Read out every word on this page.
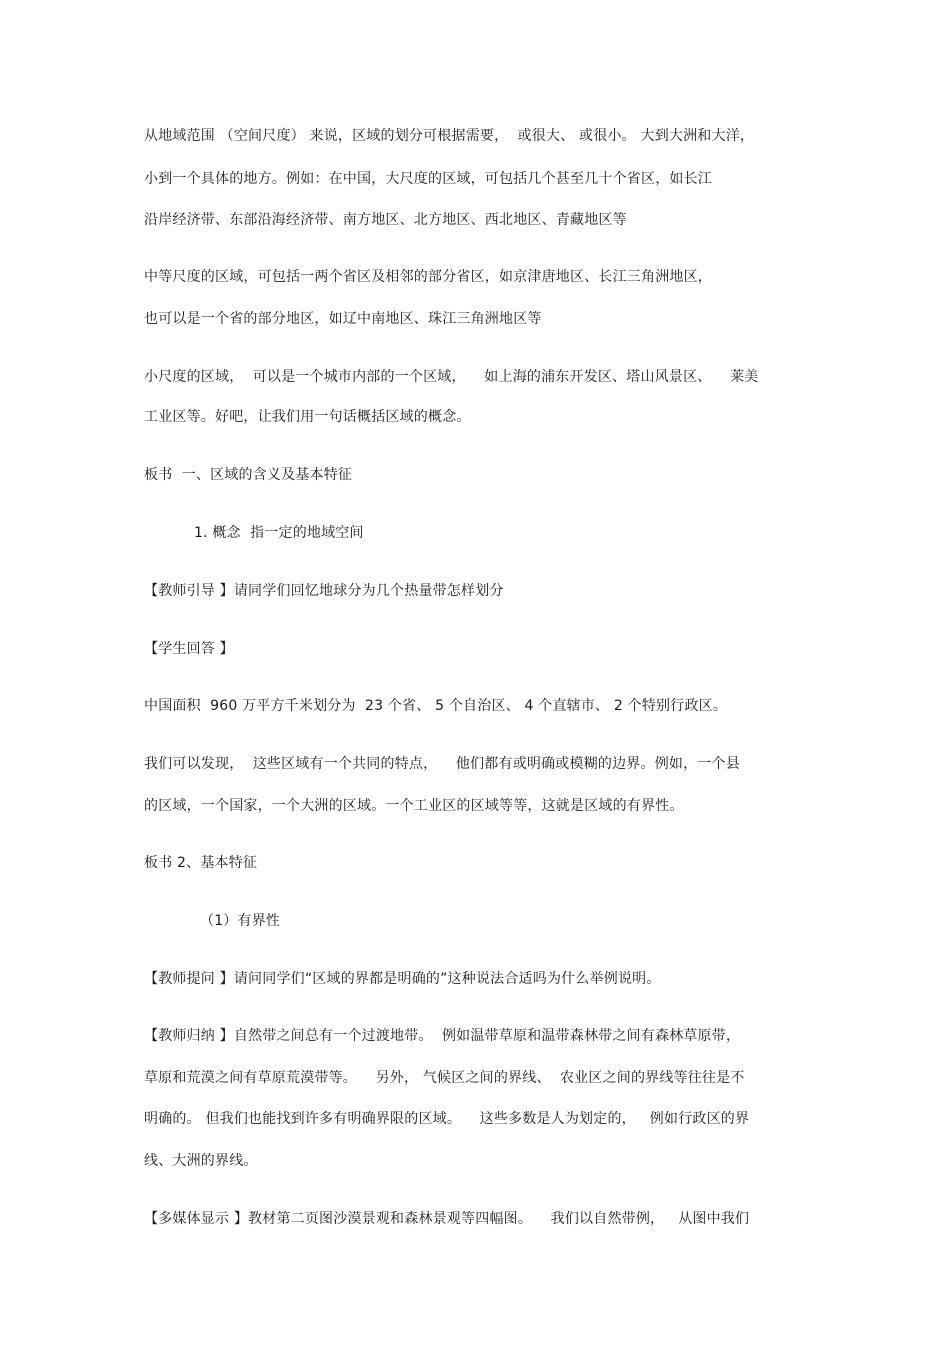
从地域范围 （空间尺度） 来说，区域的划分可根据需要，  或很大、 或很小。 大到大洲和大洋，
小到一个具体的地方。例如：在中国，大尺度的区域，可包括几个甚至几十个省区，如长江
沿岸经济带、东部沿海经济带、南方地区、北方地区、西北地区、青藏地区等
中等尺度的区域，可包括一两个省区及相邻的部分省区，如京津唐地区、长江三角洲地区，
也可以是一个省的部分地区，如辽中南地区、珠江三角洲地区等
小尺度的区域，  可以是一个城市内部的一个区域，    如上海的浦东开发区、塔山风景区、    莱美
工业区等。好吧，让我们用一句话概括区域的概念。
板书  一、区域的含义及基本特征
1. 概念  指一定的地域空间
【教师引导 】请同学们回忆地球分为几个热量带怎样划分
【学生回答 】
中国面积  960 万平方千米划分为  23 个省、 5 个自治区、 4 个直辖市、 2 个特别行政区。
我们可以发现，  这些区域有一个共同的特点，    他们都有或明确或模糊的边界。例如，一个县
的区域，一个国家，一个大洲的区域。一个工业区的区域等等，这就是区域的有界性。
板书 2、基本特征
（1）有界性
【教师提问 】请问同学们“区域的界都是明确的”这种说法合适吗为什么举例说明。
【教师归纳 】自然带之间总有一个过渡地带。  例如温带草原和温带森林带之间有森林草原带，
草原和荒漠之间有草原荒漠带等。    另外， 气候区之间的界线、  农业区之间的界线等往往是不
明确的。 但我们也能找到许多有明确界限的区域。    这些多数是人为划定的，   例如行政区的界
线、大洲的界线。
【多媒体显示 】教材第二页图沙漠景观和森林景观等四幅图。    我们以自然带例，   从图中我们
